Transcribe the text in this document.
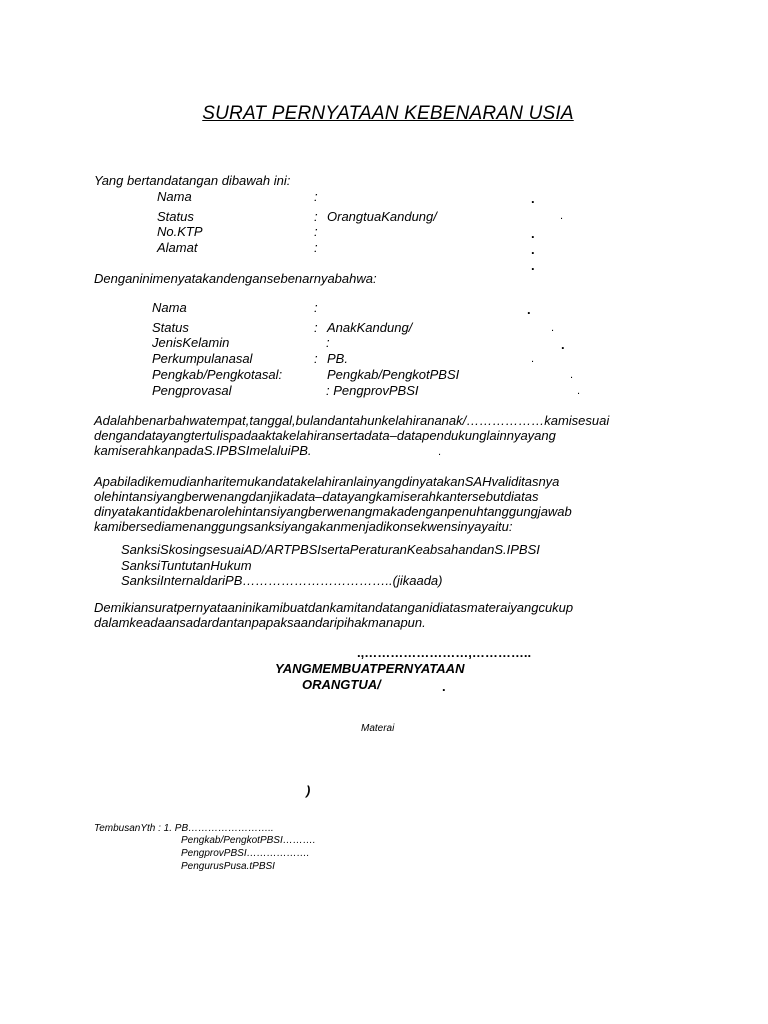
SURAT PERNYATAAN KEBENARAN USIA
Yang bertandatangan dibawah ini:
Nama	:	.
Status	: OrangtuaKandung/	.
No.KTP	:	.
Alamat	:	.
.
Denganinimenyatakandengansebenarnyabahwa:
Nama	:	.
Status	: AnakKandung/	.
JenisKelamin	:	.
Perkumpulanasal	: PB.	.
Pengkab/Pengkotasal:	Pengkab/PengkotPBSI	.
Pengprovasal	: PengprovPBSI	.
Adalahbenarbahwatempat,tanggal,bulandantahunkelahirananak/………………kamisesuai
dengandatayangtertulispadaaktakelahiransertadata–datapendukunglainnyayang
kamiserahkanpadaS.IPBSImelaluiPB.	.
ApabiladikemudianharitemukandatakelahiranlainyangdinyatakanSAHvaliditasnya
olehintansiyangberwenangdanjikadata–datayangkamiserahkantersebutdiatas
dinyatakantidakbenarolehintansiyangberwenangmakadenganpenuhtanggungjawab
kamibersediamenanggungsanksiyangakanmenjadikonsekwensinyayaitu:
SanksiSkosingsesuaiAD/ARTPBSIsertaPeraturanKeabsahandanS.IPBSI
SanksiTuntutanHukum
SanksiInternaldariPB……………………………..(jikaada)
Demikiansuratpernyataaninikamibuatdankamitandatanganidiatasmateraiyangcukup
dalamkeadaansadardantanpapaksaandaripihakmanapun.
.,……………………,…………..
YANGMEMBUATPERNYATAAN
ORANGTUA/	.
Materai
)
TembusanYth : 1. PB……………………..
Pengkab/PengkotPBSI……….
PengprovPBSI……………….
PengurusPusa.tPBSI
